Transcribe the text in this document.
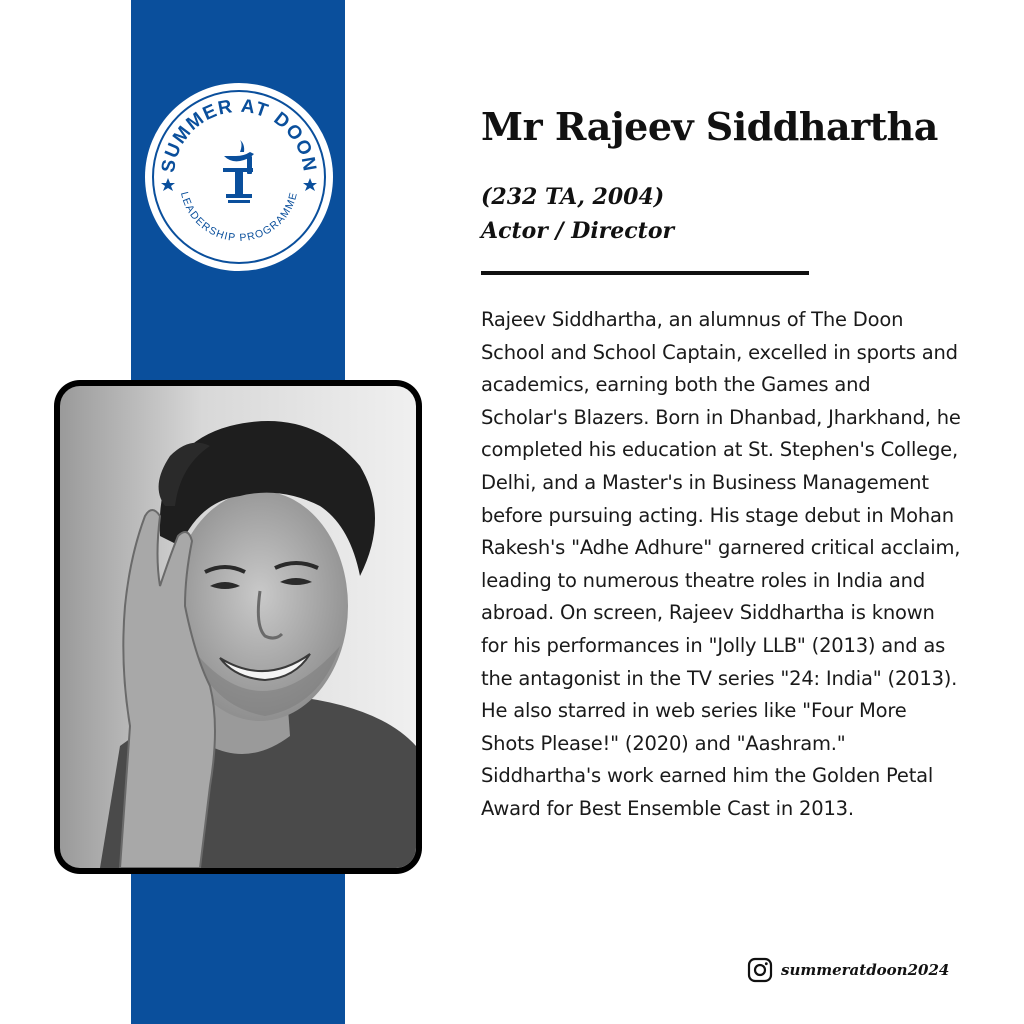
SUMMER AT DOON
LEADERSHIP PROGRAMME
Mr Rajeev Siddhartha
(232 TA, 2004)
Actor / Director

Rajeev Siddhartha, an alumnus of The Doon School and School Captain, excelled in sports and academics, earning both the Games and Scholar's Blazers. Born in Dhanbad, Jharkhand, he completed his education at St. Stephen's College, Delhi, and a Master's in Business Management before pursuing acting. His stage debut in Mohan Rakesh's "Adhe Adhure" garnered critical acclaim, leading to numerous theatre roles in India and abroad. On screen, Rajeev Siddhartha is known for his performances in "Jolly LLB" (2013) and as the antagonist in the TV series "24: India" (2013). He also starred in web series like "Four More Shots Please!" (2020) and "Aashram." Siddhartha's work earned him the Golden Petal Award for Best Ensemble Cast in 2013.

summeratdoon2024
